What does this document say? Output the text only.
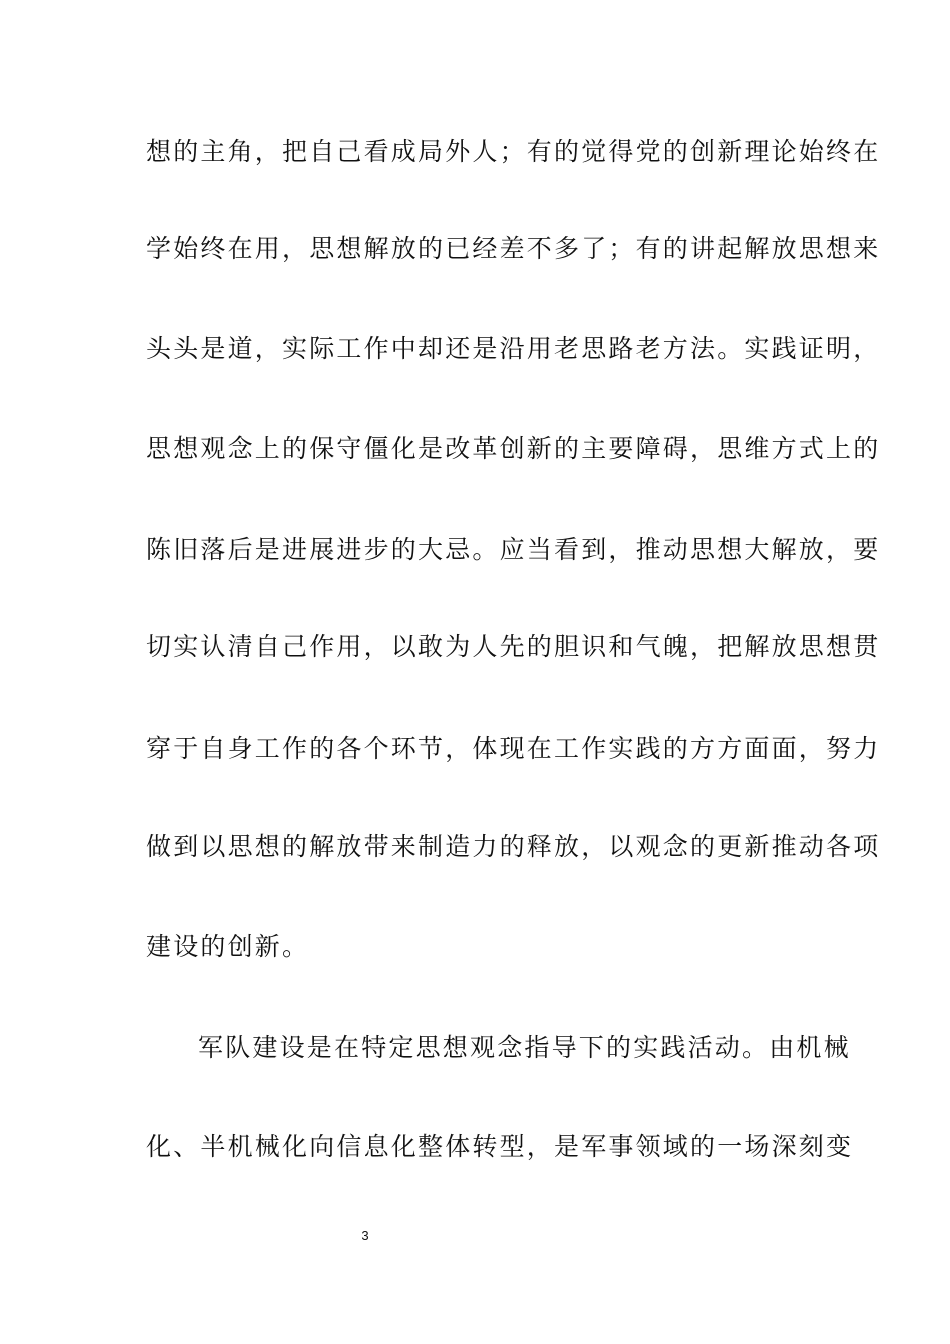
想的主角，把自己看成局外人；有的觉得党的创新理论始终在
学始终在用，思想解放的已经差不多了；有的讲起解放思想来
头头是道，实际工作中却还是沿用老思路老方法。实践证明，
思想观念上的保守僵化是改革创新的主要障碍，思维方式上的
陈旧落后是进展进步的大忌。应当看到，推动思想大解放，要
切实认清自己作用，以敢为人先的胆识和气魄，把解放思想贯
穿于自身工作的各个环节，体现在工作实践的方方面面，努力
做到以思想的解放带来制造力的释放，以观念的更新推动各项
建设的创新。
军队建设是在特定思想观念指导下的实践活动。由机械
化、半机械化向信息化整体转型，是军事领域的一场深刻变
3
